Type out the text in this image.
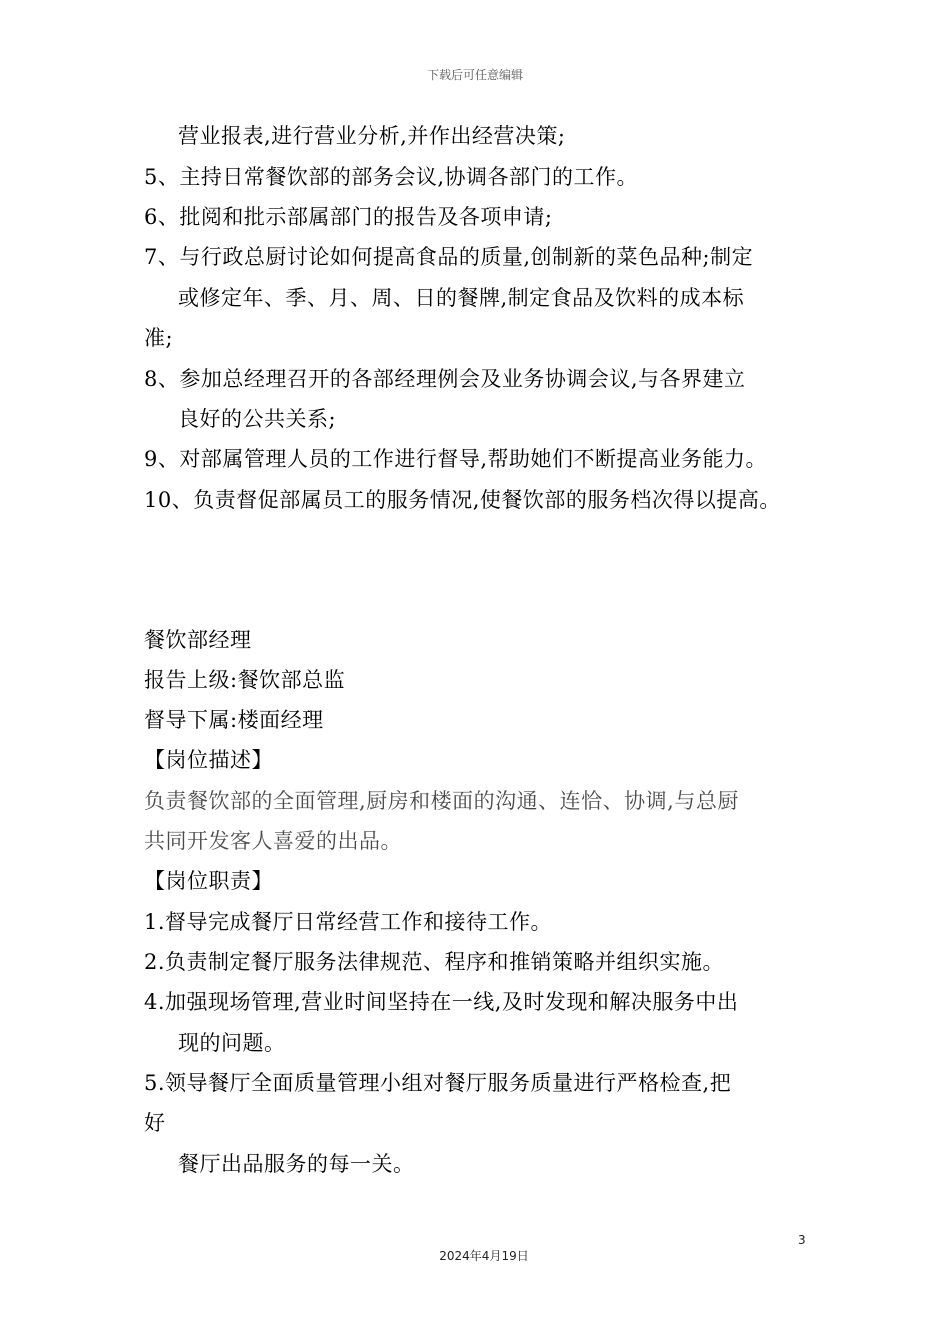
下载后可任意编辑
营业报表,进行营业分析,并作出经营决策;
5、主持日常餐饮部的部务会议,协调各部门的工作。
6、批阅和批示部属部门的报告及各项申请;
7、与行政总厨讨论如何提高食品的质量,创制新的菜色品种;制定
或修定年、季、月、周、日的餐牌,制定食品及饮料的成本标
准;
8、参加总经理召开的各部经理例会及业务协调会议,与各界建立
良好的公共关系;
9、对部属管理人员的工作进行督导,帮助她们不断提高业务能力。
10、负责督促部属员工的服务情况,使餐饮部的服务档次得以提高。
餐饮部经理
报告上级:餐饮部总监
督导下属:楼面经理
【岗位描述】
负责餐饮部的全面管理,厨房和楼面的沟通、连恰、协调,与总厨
共同开发客人喜爱的出品。
【岗位职责】
1.督导完成餐厅日常经营工作和接待工作。
2.负责制定餐厅服务法律规范、程序和推销策略并组织实施。
4.加强现场管理,营业时间坚持在一线,及时发现和解决服务中出
现的问题。
5.领导餐厅全面质量管理小组对餐厅服务质量进行严格检查,把
好
餐厅出品服务的每一关。
3
2024年4月19日
